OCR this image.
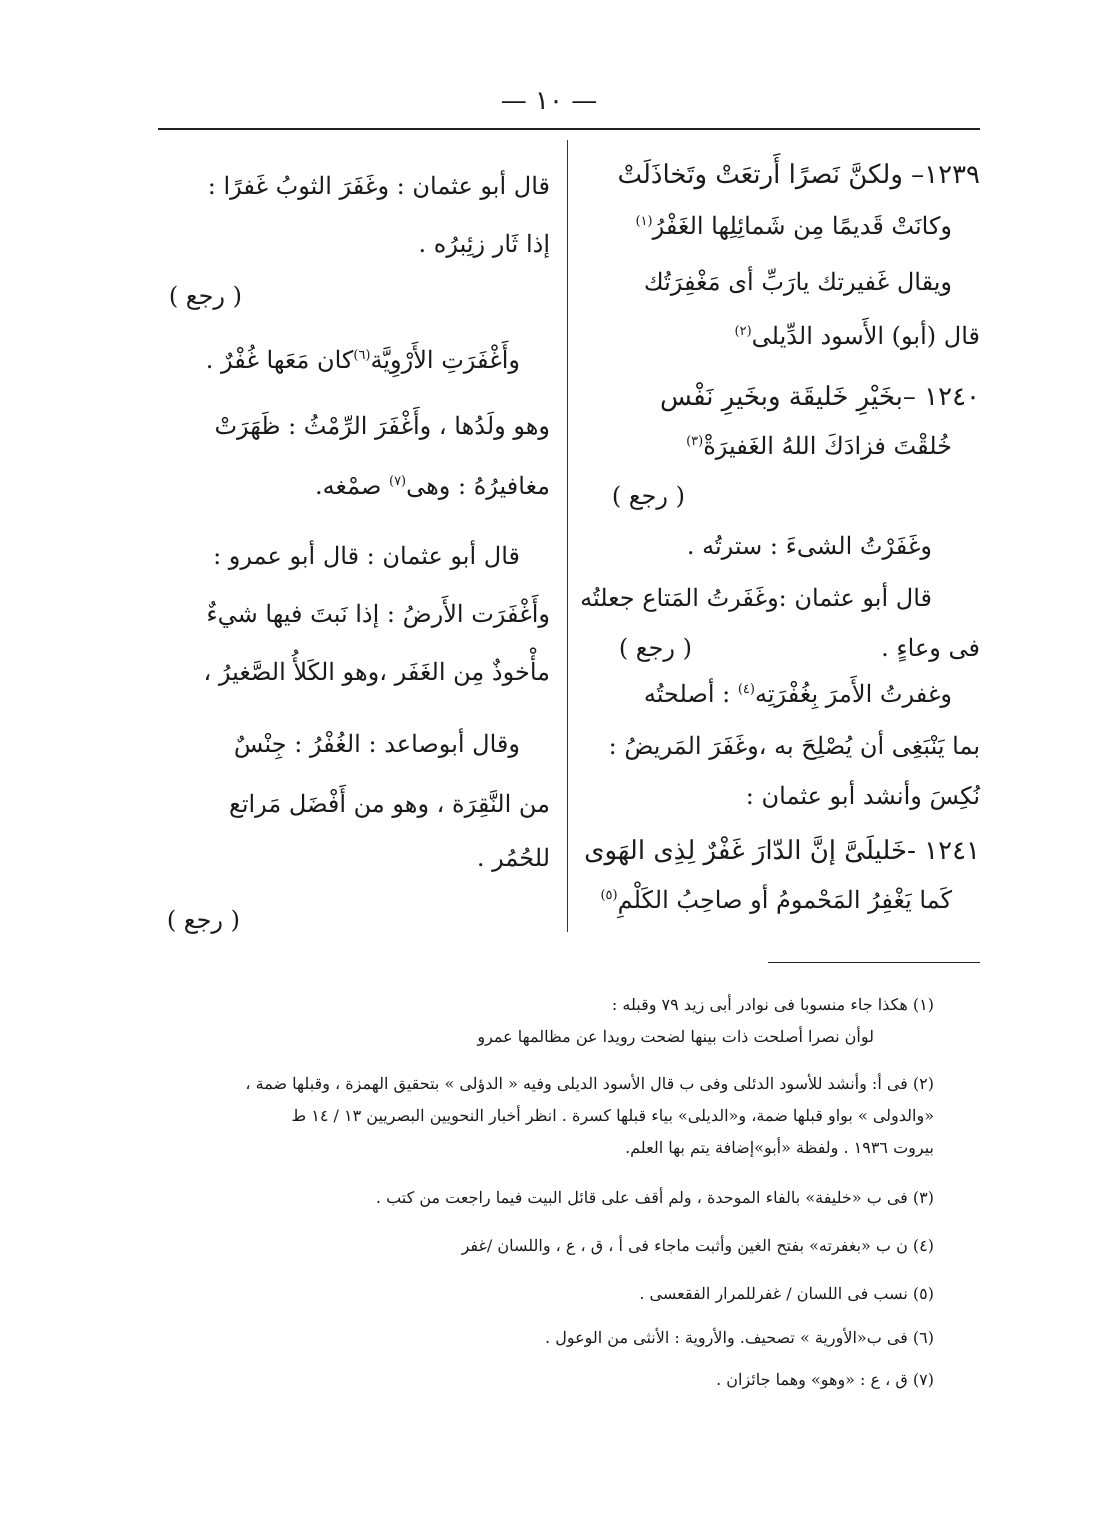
— ١٠ —
١٢٣٩– ولكنَّ نَصرًا أَرتعَتْ وتَخاذَلَتْ
وكانَتْ قَديمًا مِن شَمائِلِها الغَفْرُ$^{(١)}$
ويقال غَفيرتك يارَبِّ أى مَغْفِرَتُك
قال (أبو) الأَسود الدِّيلى$^{(٢)}$
١٢٤٠ –بخَيْرِ خَليقَة وبخَيرِ نَفْس
خُلقْتَ فزادَكَ اللهُ الغَفيرَةْ$^{(٣)}$
( رجع )
وغَفَرْتُ الشىءَ : سترتُه .
قال أبو عثمان :وغَفَرتُ المَتاع جعلتُه
فى وعاءٍ .
( رجع )
وغفرتُ الأَمرَ بِغُفْرَتِه$^{(٤)}$ : أصلحتُه
بما يَنْبَغِى أن يُصْلِحَ به ،وغَفَرَ المَريضُ :
نُكِسَ وأنشد أبو عثمان :
١٢٤١ -خَليلَىَّ إنَّ الدّارَ غَفْرٌ لِذِى الهَوى
كَما يَغْفِرُ المَحْمومُ أو صاحِبُ الكَلْمِ$^{(٥)}$
قال أبو عثمان : وغَفَرَ الثوبُ غَفرًا :
إذا ثَار زئِبرُه .
( رجع )
وأَغْفَرَتِ الأَرْوِيَّة$^{(٦)}$كان مَعَها غُفْرٌ .
وهو ولَدُها ، وأَغْفَرَ الرِّمْثُ : ظَهَرَتْ
مغافيرُهُ : وهى$^{(٧)}$ صمْغه.
قال أبو عثمان : قال أبو عمرو :
وأَغْفَرَت الأَرضُ : إذا نَبتَ فيها شيءٌ
مأْخوذٌ مِن الغَفَر ،وهو الكَلأُ الصَّغيرُ ،
وقال أبوصاعد : الغُفْرُ : جِنْسٌ
من النَّقِرَة ، وهو من أَفْضَل مَراتع
للحُمُر .
( رجع )
(١) هكذا جاء منسوبا فى نوادر أبى زيد ٧٩ وقبله :
لوأن نصرا أصلحت ذات بينها لضحت رويدا عن مظالمها عمرو
(٢) فى أ: وأنشد للأسود الدئلى وفى ب قال الأسود الديلى وفيه « الدؤلى » بتحقيق الهمزة ، وقبلها ضمة ،
«والدولى » بواو قبلها ضمة، و«الديلى» بياء قبلها كسرة . انظر أخبار النحويين البصريين ١٣ / ١٤ ط
بيروت ١٩٣٦ . ولفظة «أبو»إضافة يتم بها العلم.
(٣) فى ب «خليفة» بالفاء الموحدة ، ولم أقف على قائل البيت فيما راجعت من كتب .
(٤) ن ب «بغفرته» بفتح الغين وأثبت ماجاء فى أ ، ق ، ع ، واللسان /غفر
(٥) نسب فى اللسان / غفرللمرار الفقعسى .
(٦) فى ب«الأورية » تصحيف. والأروية : الأنثى من الوعول .
(٧) ق ، ع : «وهو» وهما جائزان .
